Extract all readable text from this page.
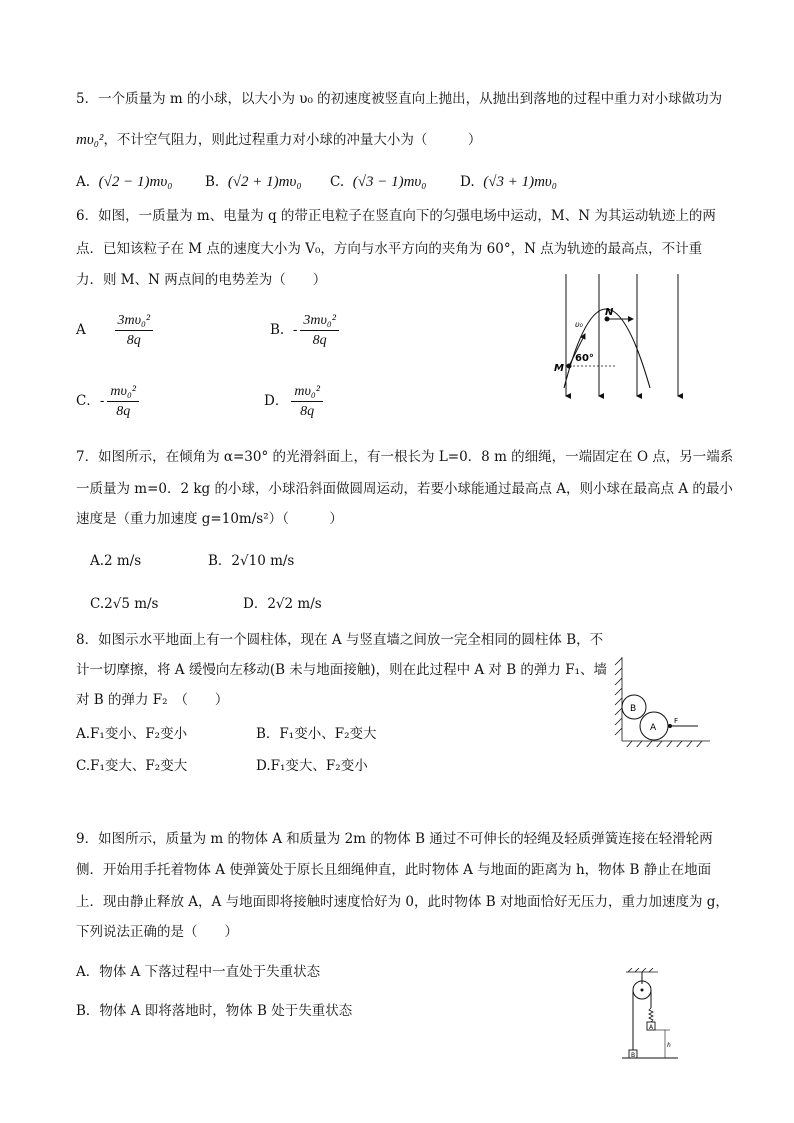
5．一个质量为 m 的小球，以大小为 υ₀ 的初速度被竖直向上抛出，从抛出到落地的过程中重力对小球做功为
mυ₀²，不计空气阻力，则此过程重力对小球的冲量大小为（　　　）
A. (√2 − 1)mυ₀ B. (√2 + 1)mυ₀ C. (√3 − 1)mυ₀ D. (√3 + 1)mυ₀
6．如图，一质量为 m、电量为 q 的带正电粒子在竖直向下的匀强电场中运动，M、N 为其运动轨迹上的两
点．已知该粒子在 M 点的速度大小为 V₀，方向与水平方向的夹角为 60°，N 点为轨迹的最高点，不计重
力．则 M、N 两点间的电势差为（　　）
A $\frac{\text{3mυ₀²}}{8q}$	B. - $\frac{\text{3mυ₀²}}{8q}$
C．- $\frac{\text{mυ₀²}}{8q}$	D． $\frac{\text{mυ₀²}}{8q}$
N
M
υ₀
60°
7．如图所示，在倾角为 α=30° 的光滑斜面上，有一根长为 L=0．8 m 的细绳，一端固定在 O 点，另一端系
一质量为 m=0．2 kg 的小球，小球沿斜面做圆周运动，若要小球能通过最高点 A，则小球在最高点 A 的最小
速度是（重力加速度 g=10m/s²）（　　　）
A.2 m/s	B．2√10 m/s
C.2√5 m/s	D．2√2 m/s
8．如图示水平地面上有一个圆柱体，现在 A 与竖直墙之间放一完全相同的圆柱体 B，不
计一切摩擦，将 A 缓慢向左移动(B 未与地面接触)，则在此过程中 A 对 B 的弹力 F₁、墙
对 B 的弹力 F₂　（　　）
A.F₁变小、F₂变小	B．F₁变小、F₂变大
C.F₁变大、F₂变大	D.F₁变大、F₂变小
B
A
F
9．如图所示，质量为 m 的物体 A 和质量为 2m 的物体 B 通过不可伸长的轻绳及轻质弹簧连接在轻滑轮两
侧．开始用手托着物体 A 使弹簧处于原长且细绳伸直，此时物体 A 与地面的距离为 h，物体 B 静止在地面
上．现由静止释放 A，A 与地面即将接触时速度恰好为 0，此时物体 B 对地面恰好无压力，重力加速度为 g，
下列说法正确的是（　　）
A．物体 A 下落过程中一直处于失重状态
B．物体 A 即将落地时，物体 B 处于失重状态
A
B
h
